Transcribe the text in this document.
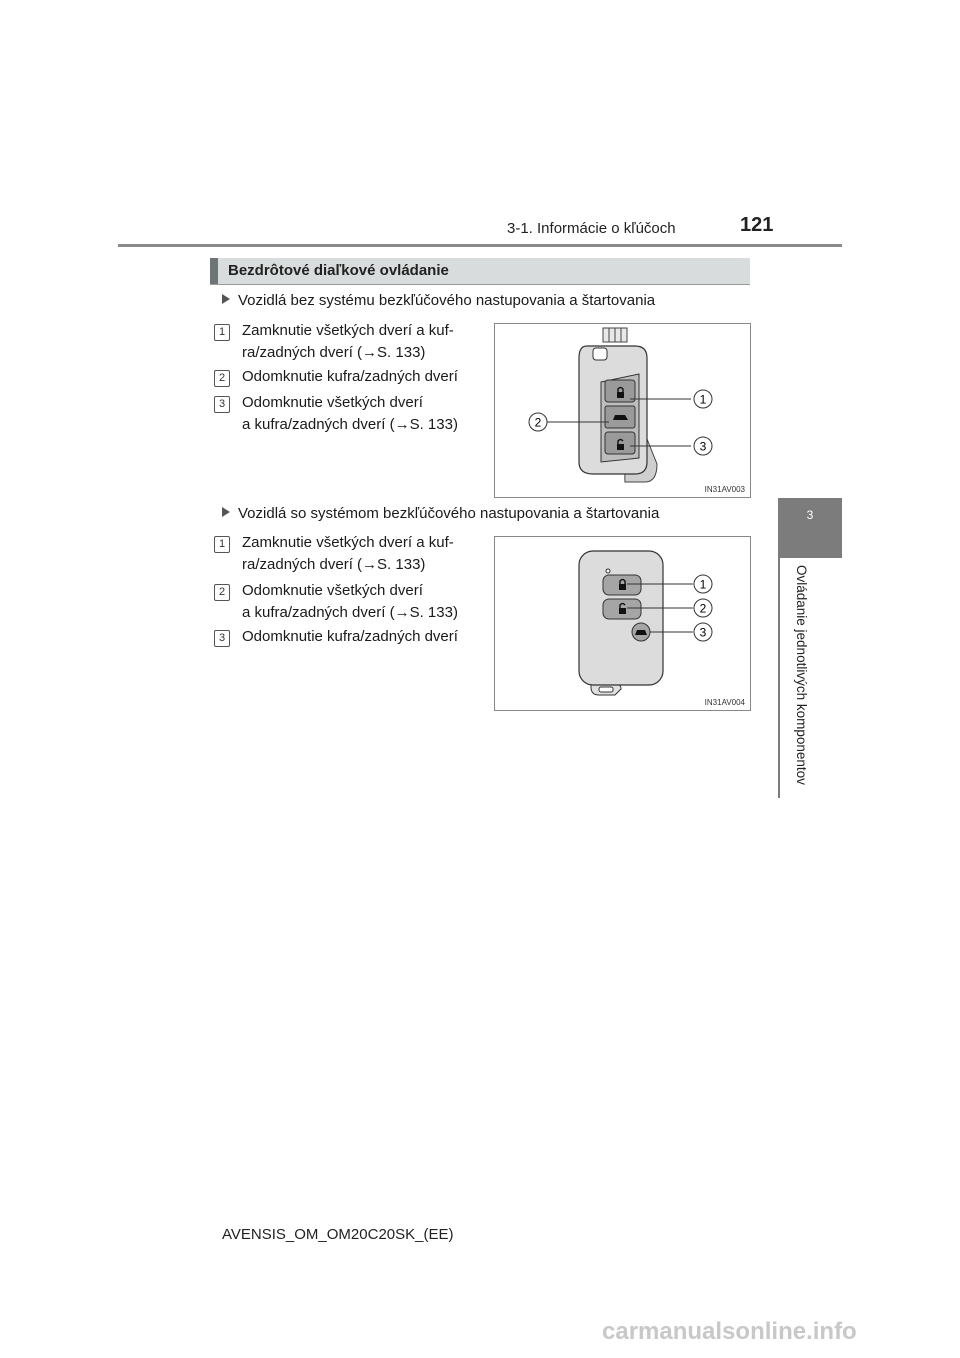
3-1. Informácie o kľúčoch	121
3
Ovládanie jednotlivých komponentov
Bezdrôtové diaľkové ovládanie
Vozidlá bez systému bezkľúčového nastupovania a štartovania
1	Zamknutie všetkých dverí a kuf-
ra/zadných dverí (→S. 133)
2	Odomknutie kufra/zadných dverí
3	Odomknutie všetkých dverí
a kufra/zadných dverí (→S. 133)
1
2
3
IN31AV003
Vozidlá so systémom bezkľúčového nastupovania a štartovania
1	Zamknutie všetkých dverí a kuf-
ra/zadných dverí (→S. 133)
2	Odomknutie všetkých dverí
a kufra/zadných dverí (→S. 133)
3	Odomknutie kufra/zadných dverí
1
2
3
IN31AV004
AVENSIS_OM_OM20C20SK_(EE)
carmanualsonline.info
